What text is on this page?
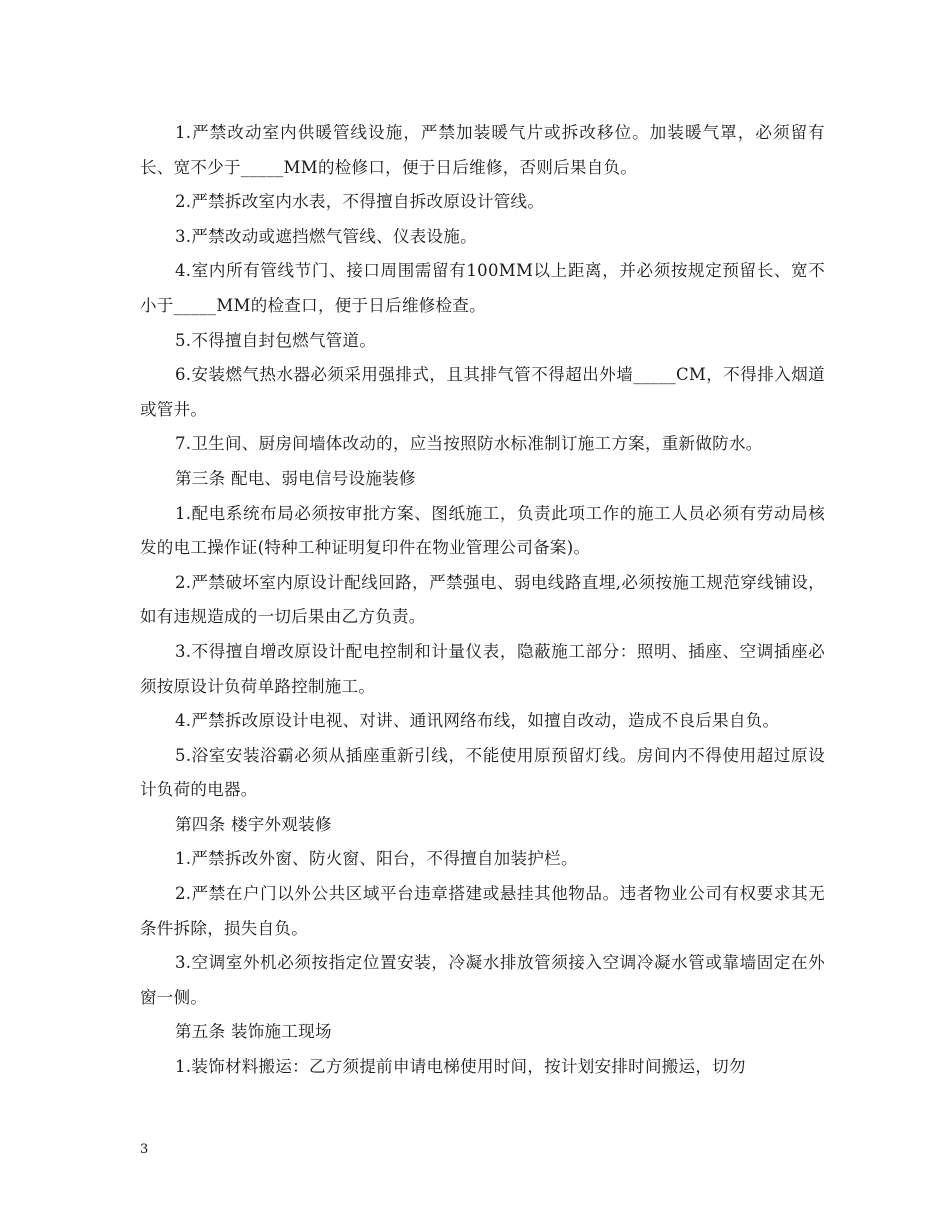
1.严禁改动室内供暖管线设施，严禁加装暖气片或拆改移位。加装暖气罩，必须留有长、宽不少于_____MM的检修口，便于日后维修，否则后果自负。

2.严禁拆改室内水表，不得擅自拆改原设计管线。

3.严禁改动或遮挡燃气管线、仪表设施。

4.室内所有管线节门、接口周围需留有100MM以上距离，并必须按规定预留长、宽不小于_____MM的检查口，便于日后维修检查。

5.不得擅自封包燃气管道。

6.安装燃气热水器必须采用强排式，且其排气管不得超出外墙_____CM，不得排入烟道或管井。

7.卫生间、厨房间墙体改动的，应当按照防水标准制订施工方案，重新做防水。

第三条 配电、弱电信号设施装修

1.配电系统布局必须按审批方案、图纸施工，负责此项工作的施工人员必须有劳动局核发的电工操作证(特种工种证明复印件在物业管理公司备案)。

2.严禁破坏室内原设计配线回路，严禁强电、弱电线路直埋,必须按施工规范穿线铺设，如有违规造成的一切后果由乙方负责。

3.不得擅自增改原设计配电控制和计量仪表，隐蔽施工部分：照明、插座、空调插座必须按原设计负荷单路控制施工。

4.严禁拆改原设计电视、对讲、通讯网络布线，如擅自改动，造成不良后果自负。

5.浴室安装浴霸必须从插座重新引线，不能使用原预留灯线。房间内不得使用超过原设计负荷的电器。

第四条 楼宇外观装修

1.严禁拆改外窗、防火窗、阳台，不得擅自加装护栏。

2.严禁在户门以外公共区域平台违章搭建或悬挂其他物品。违者物业公司有权要求其无条件拆除，损失自负。

3.空调室外机必须按指定位置安装，冷凝水排放管须接入空调冷凝水管或靠墙固定在外窗一侧。

第五条 装饰施工现场

1.装饰材料搬运：乙方须提前申请电梯使用时间，按计划安排时间搬运，切勿

3
